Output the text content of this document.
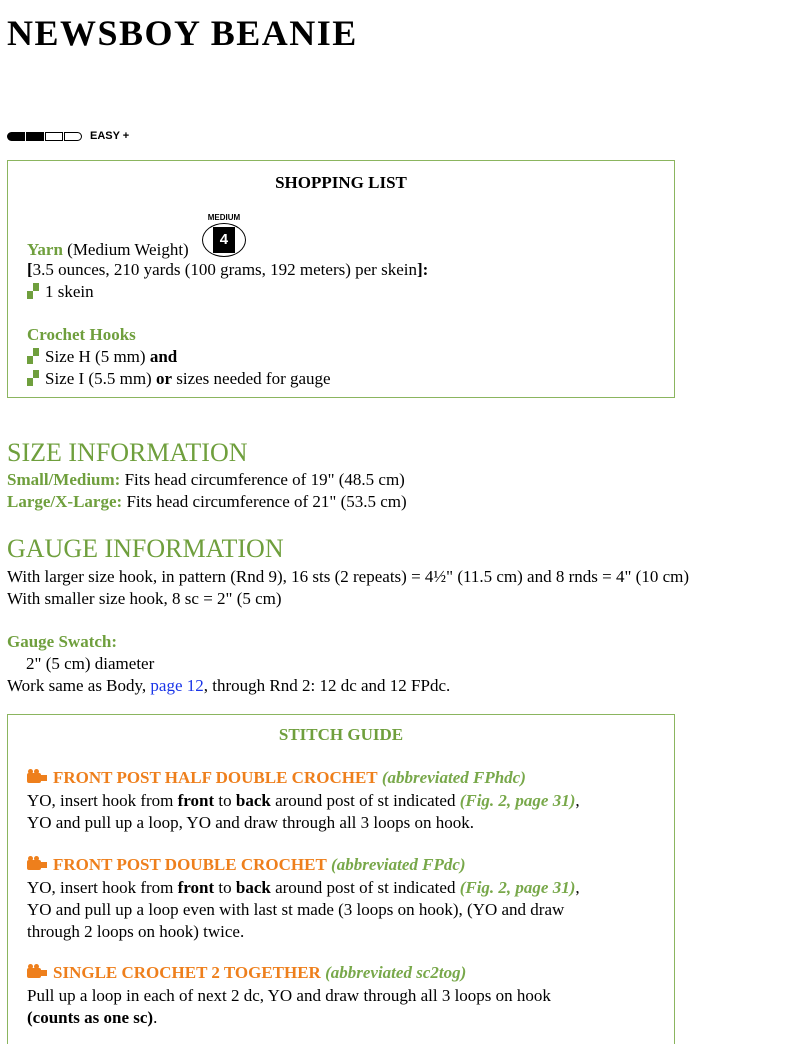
NEWSBOY BEANIE
EASY +
SHOPPING LIST
Yarn (Medium Weight)
MEDIUM
4
[3.5 ounces, 210 yards (100 grams, 192 meters) per skein]:
1 skein
Crochet Hooks
Size H (5 mm) and
Size I (5.5 mm) or sizes needed for gauge
SIZE INFORMATION
Small/Medium: Fits head circumference of 19" (48.5 cm)
Large/X-Large: Fits head circumference of 21" (53.5 cm)
GAUGE INFORMATION
With larger size hook, in pattern (Rnd 9), 16 sts (2 repeats) = 4½" (11.5 cm) and 8 rnds = 4" (10 cm)
With smaller size hook, 8 sc = 2" (5 cm)
Gauge Swatch:
2" (5 cm) diameter
Work same as Body, page 12, through Rnd 2: 12 dc and 12 FPdc.
STITCH GUIDE
FRONT POST HALF DOUBLE CROCHET (abbreviated FPhdc)
YO, insert hook from front to back around post of st indicated (Fig. 2, page 31),
YO and pull up a loop, YO and draw through all 3 loops on hook.
FRONT POST DOUBLE CROCHET (abbreviated FPdc)
YO, insert hook from front to back around post of st indicated (Fig. 2, page 31),
YO and pull up a loop even with last st made (3 loops on hook), (YO and draw
through 2 loops on hook) twice.
SINGLE CROCHET 2 TOGETHER (abbreviated sc2tog)
Pull up a loop in each of next 2 dc, YO and draw through all 3 loops on hook
(counts as one sc).
